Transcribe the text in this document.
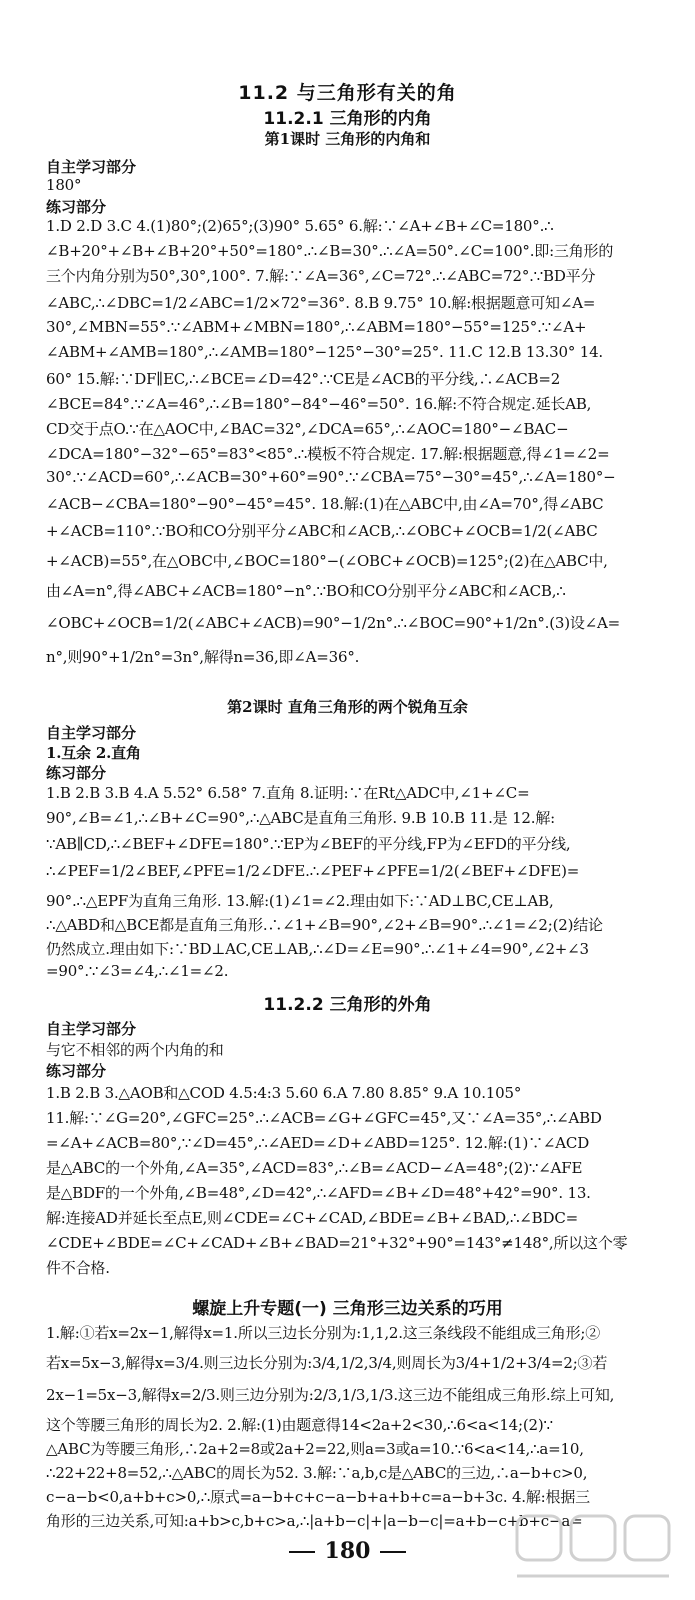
11.2 与三角形有关的角
11.2.1 三角形的内角
第1课时 三角形的内角和
自主学习部分
180°
练习部分
1.D 2.D 3.C 4.(1)80°;(2)65°;(3)90° 5.65° 6.解:∵∠A+∠B+∠C=180°.∴
∠B+20°+∠B+∠B+20°+50°=180°.∴∠B=30°.∴∠A=50°.∠C=100°.即:三角形的
三个内角分别为50°,30°,100°. 7.解:∵∠A=36°,∠C=72°.∴∠ABC=72°.∵BD平分
∠ABC,∴∠DBC=1/2∠ABC=1/2×72°=36°. 8.B 9.75° 10.解:根据题意可知∠A=
30°,∠MBN=55°.∵∠ABM+∠MBN=180°,∴∠ABM=180°−55°=125°.∵∠A+
∠ABM+∠AMB=180°,∴∠AMB=180°−125°−30°=25°. 11.C 12.B 13.30° 14.
60° 15.解:∵DF∥EC,∴∠BCE=∠D=42°.∵CE是∠ACB的平分线,∴∠ACB=2
∠BCE=84°.∵∠A=46°,∴∠B=180°−84°−46°=50°. 16.解:不符合规定.延长AB,
CD交于点O.∵在△AOC中,∠BAC=32°,∠DCA=65°,∴∠AOC=180°−∠BAC−
∠DCA=180°−32°−65°=83°<85°.∴模板不符合规定. 17.解:根据题意,得∠1=∠2=
30°.∵∠ACD=60°,∴∠ACB=30°+60°=90°.∵∠CBA=75°−30°=45°,∴∠A=180°−
∠ACB−∠CBA=180°−90°−45°=45°. 18.解:(1)在△ABC中,由∠A=70°,得∠ABC
+∠ACB=110°.∵BO和CO分别平分∠ABC和∠ACB,∴∠OBC+∠OCB=1/2(∠ABC
+∠ACB)=55°,在△OBC中,∠BOC=180°−(∠OBC+∠OCB)=125°;(2)在△ABC中,
由∠A=n°,得∠ABC+∠ACB=180°−n°.∵BO和CO分别平分∠ABC和∠ACB,∴
∠OBC+∠OCB=1/2(∠ABC+∠ACB)=90°−1/2n°.∴∠BOC=90°+1/2n°.(3)设∠A=
n°,则90°+1/2n°=3n°,解得n=36,即∠A=36°.
第2课时 直角三角形的两个锐角互余
自主学习部分
1.互余 2.直角
练习部分
1.B 2.B 3.B 4.A 5.52° 6.58° 7.直角 8.证明:∵在Rt△ADC中,∠1+∠C=
90°,∠B=∠1,∴∠B+∠C=90°,∴△ABC是直角三角形. 9.B 10.B 11.是 12.解:
∵AB∥CD,∴∠BEF+∠DFE=180°.∵EP为∠BEF的平分线,FP为∠EFD的平分线,
∴∠PEF=1/2∠BEF,∠PFE=1/2∠DFE.∴∠PEF+∠PFE=1/2(∠BEF+∠DFE)=
90°.∴△EPF为直角三角形. 13.解:(1)∠1=∠2.理由如下:∵AD⊥BC,CE⊥AB,
∴△ABD和△BCE都是直角三角形.∴∠1+∠B=90°,∠2+∠B=90°.∴∠1=∠2;(2)结论
仍然成立.理由如下:∵BD⊥AC,CE⊥AB,∴∠D=∠E=90°.∴∠1+∠4=90°,∠2+∠3
=90°.∵∠3=∠4,∴∠1=∠2.
11.2.2 三角形的外角
自主学习部分
与它不相邻的两个内角的和
练习部分
1.B 2.B 3.△AOB和△COD 4.5:4:3 5.60 6.A 7.80 8.85° 9.A 10.105°
11.解:∵∠G=20°,∠GFC=25°.∴∠ACB=∠G+∠GFC=45°,又∵∠A=35°,∴∠ABD
=∠A+∠ACB=80°,∵∠D=45°,∴∠AED=∠D+∠ABD=125°. 12.解:(1)∵∠ACD
是△ABC的一个外角,∠A=35°,∠ACD=83°,∴∠B=∠ACD−∠A=48°;(2)∵∠AFE
是△BDF的一个外角,∠B=48°,∠D=42°,∴∠AFD=∠B+∠D=48°+42°=90°. 13.
解:连接AD并延长至点E,则∠CDE=∠C+∠CAD,∠BDE=∠B+∠BAD,∴∠BDC=
∠CDE+∠BDE=∠C+∠CAD+∠B+∠BAD=21°+32°+90°=143°≠148°,所以这个零
件不合格.
螺旋上升专题(一) 三角形三边关系的巧用
1.解:①若x=2x−1,解得x=1.所以三边长分别为:1,1,2.这三条线段不能组成三角形;②
若x=5x−3,解得x=3/4.则三边长分别为:3/4,1/2,3/4,则周长为3/4+1/2+3/4=2;③若
2x−1=5x−3,解得x=2/3.则三边分别为:2/3,1/3,1/3.这三边不能组成三角形.综上可知,
这个等腰三角形的周长为2. 2.解:(1)由题意得14<2a+2<30,∴6<a<14;(2)∵
△ABC为等腰三角形,∴2a+2=8或2a+2=22,则a=3或a=10.∵6<a<14,∴a=10,
∴22+22+8=52,∴△ABC的周长为52. 3.解:∵a,b,c是△ABC的三边,∴a−b+c>0,
c−a−b<0,a+b+c>0,∴原式=a−b+c+c−a−b+a+b+c=a−b+3c. 4.解:根据三
角形的三边关系,可知:a+b>c,b+c>a,∴|a+b−c|+|a−b−c|=a+b−c+b+c−a=
180
